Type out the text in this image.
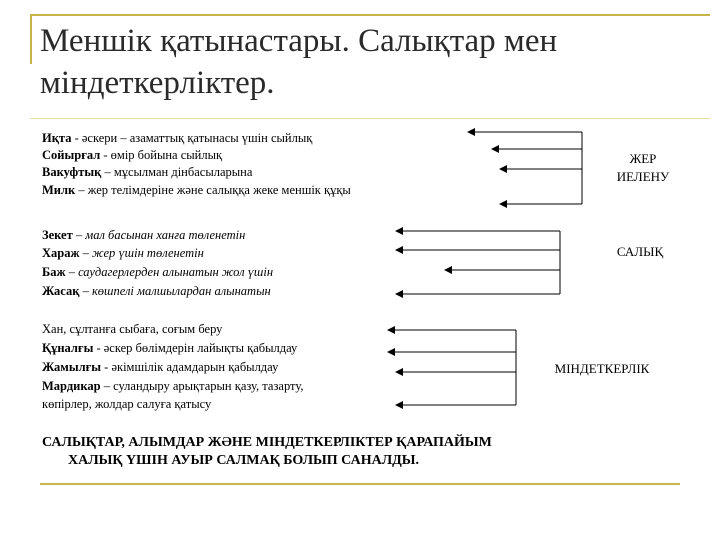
Меншік қатынастары. Салықтар мен міндеткерліктер.
Иқта - әскери – азаматтық қатынасы үшін сыйлық
Сойырғал - өмір бойына сыйлық
Вакуфтық – мұсылман дінбасыларына
Милк – жер телімдеріне және салыққа жеке меншік құқы
ЖЕР
ИЕЛЕНУ
Зекет – мал басынан ханға төленетін
Хараж – жер үшін төленетін
Баж – саудагерлерден алынатын жол үшін
Жасақ – көшпелі малшылардан алынатын
САЛЫҚ
Хан, сұлтанға сыбаға, соғым беру
Құналғы - әскер бөлімдерін лайықты қабылдау
Жамылғы - әкімшілік адамдарын қабылдау
Мардикар – суландыру арықтарын қазу, тазарту,
көпірлер, жолдар салуға қатысу
МІНДЕТКЕРЛІК
САЛЫҚТАР, АЛЫМДАР ЖӘНЕ МІНДЕТКЕРЛІКТЕР ҚАРАПАЙЫМ
ХАЛЫҚ ҮШІН АУЫР САЛМАҚ БОЛЫП САНАЛДЫ.
